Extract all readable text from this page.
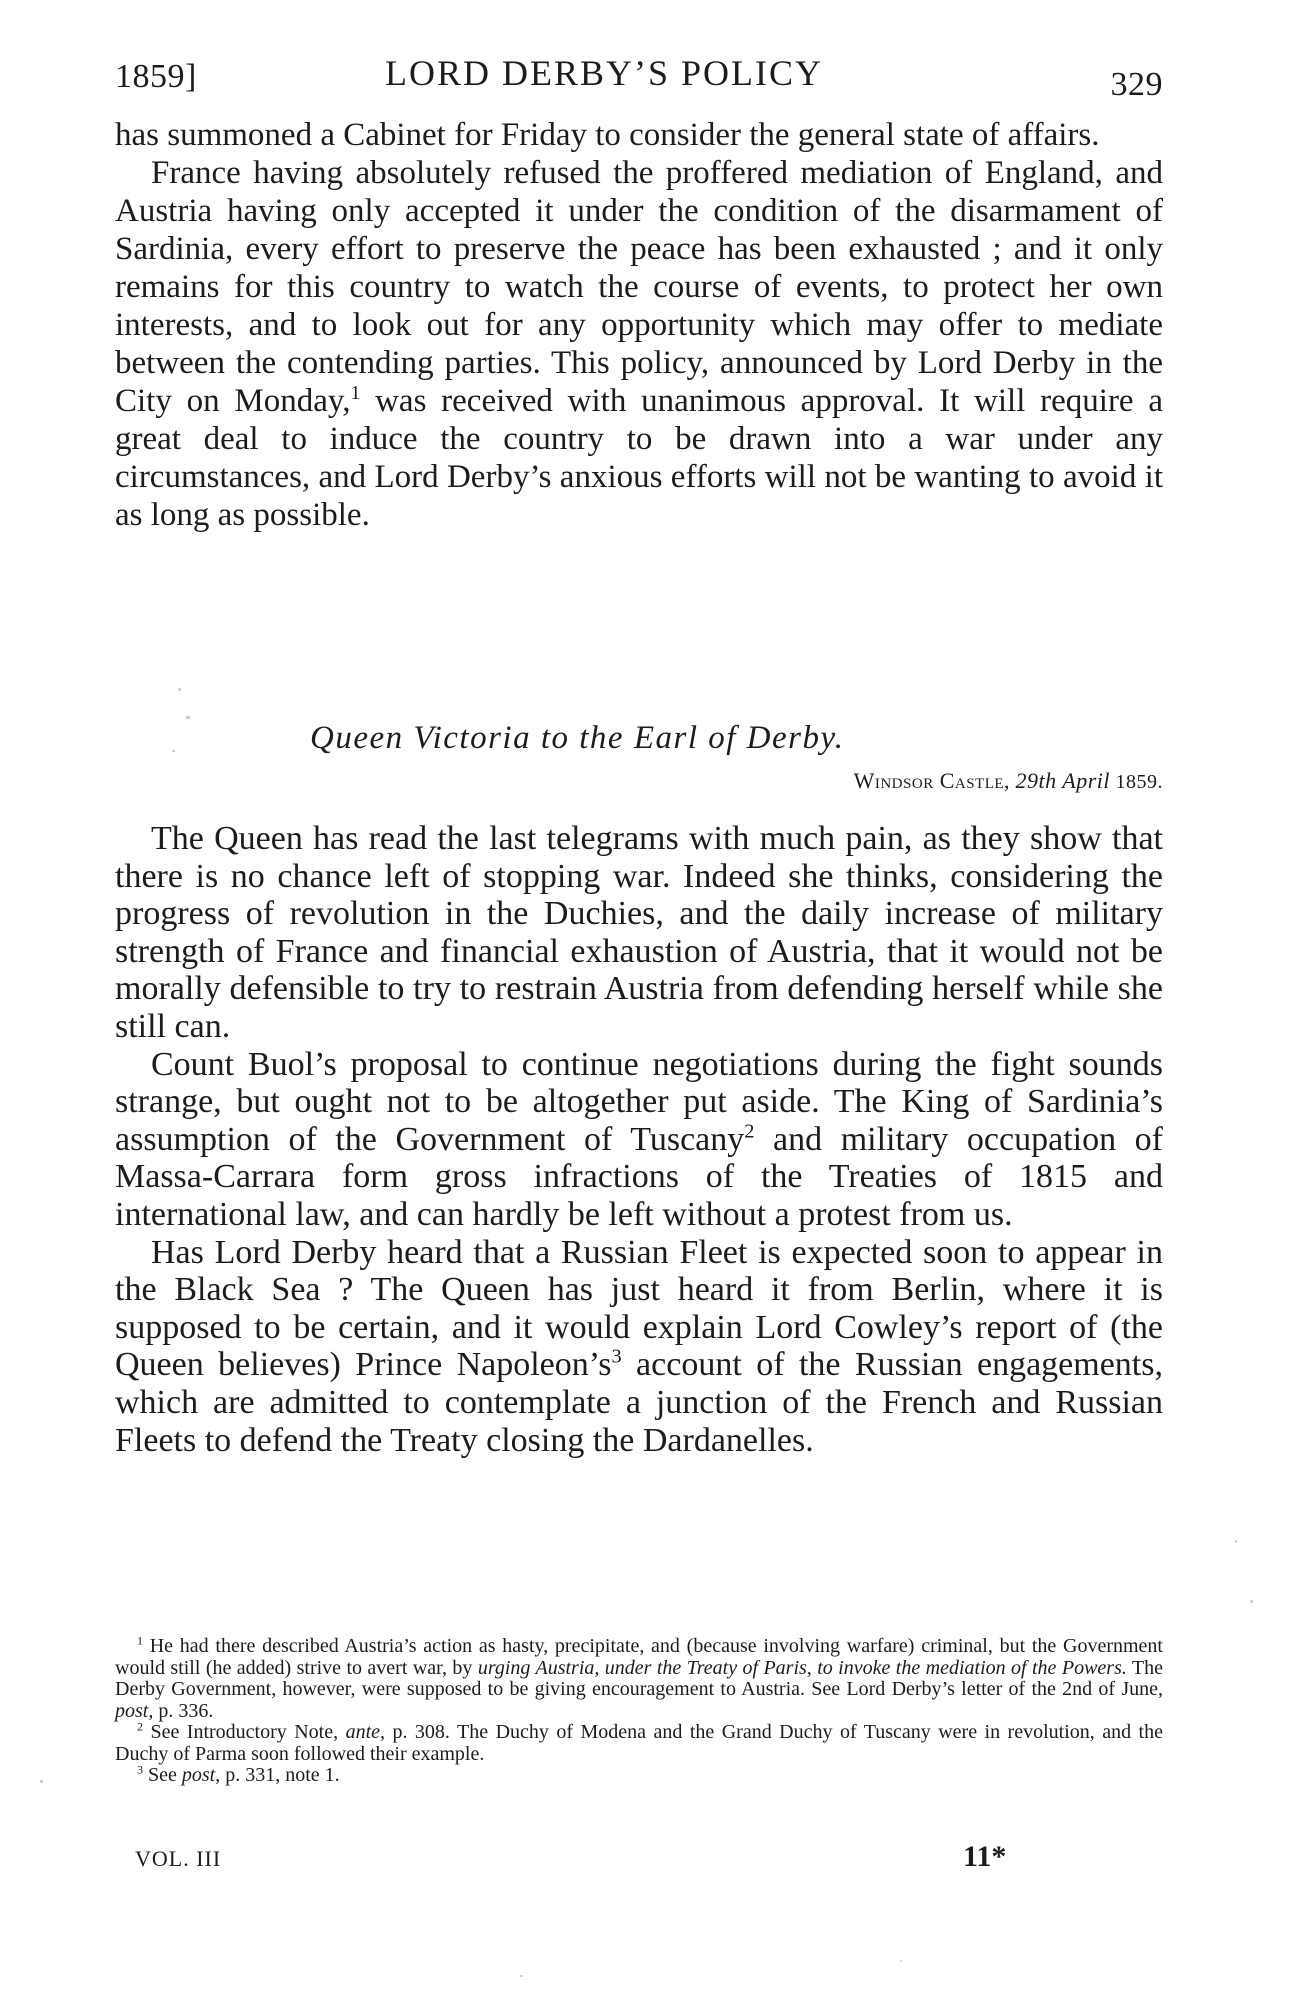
1859]	LORD DERBY’S POLICY	329

has summoned a Cabinet for Friday to consider the general state of affairs.

France having absolutely refused the proffered mediation of England, and Austria having only accepted it under the condition of the disarmament of Sardinia, every effort to preserve the peace has been exhausted ; and it only remains for this country to watch the course of events, to protect her own interests, and to look out for any opportunity which may offer to mediate between the contending parties. This policy, announced by Lord Derby in the City on Monday,$^1$ was received with unanimous approval. It will require a great deal to induce the country to be drawn into a war under any circumstances, and Lord Derby’s anxious efforts will not be wanting to avoid it as long as possible.

Queen Victoria to the Earl of Derby.
Windsor Castle, 29th April 1859.

The Queen has read the last telegrams with much pain, as they show that there is no chance left of stopping war. Indeed she thinks, considering the progress of revolution in the Duchies, and the daily increase of military strength of France and financial exhaustion of Austria, that it would not be morally defensible to try to restrain Austria from defending herself while she still can.

Count Buol’s proposal to continue negotiations during the fight sounds strange, but ought not to be altogether put aside. The King of Sardinia’s assumption of the Government of Tuscany$^2$ and military occupation of Massa-Carrara form gross infractions of the Treaties of 1815 and international law, and can hardly be left without a protest from us.

Has Lord Derby heard that a Russian Fleet is expected soon to appear in the Black Sea ? The Queen has just heard it from Berlin, where it is supposed to be certain, and it would explain Lord Cowley’s report of (the Queen believes) Prince $Napoleon’s^3$ account of the Russian engagements, which are admitted to contemplate a junction of the French and Russian Fleets to defend the Treaty closing the Dardanelles.

$^1$ He had there described Austria’s action as hasty, precipitate, and (because involving warfare) criminal, but the Government would still (he added) strive to avert war, by urging Austria, under the Treaty of Paris, to invoke the mediation of the Powers. The Derby Government, however, were supposed to be giving encouragement to Austria. See Lord Derby’s letter of the 2nd of June, post, p. 336.

$^2$ See Introductory Note, ante, p. 308. The Duchy of Modena and the Grand Duchy of Tuscany were in revolution, and the Duchy of Parma soon followed their example.

$^3$ See post, p. 331, note 1.

VOL. III	11*
